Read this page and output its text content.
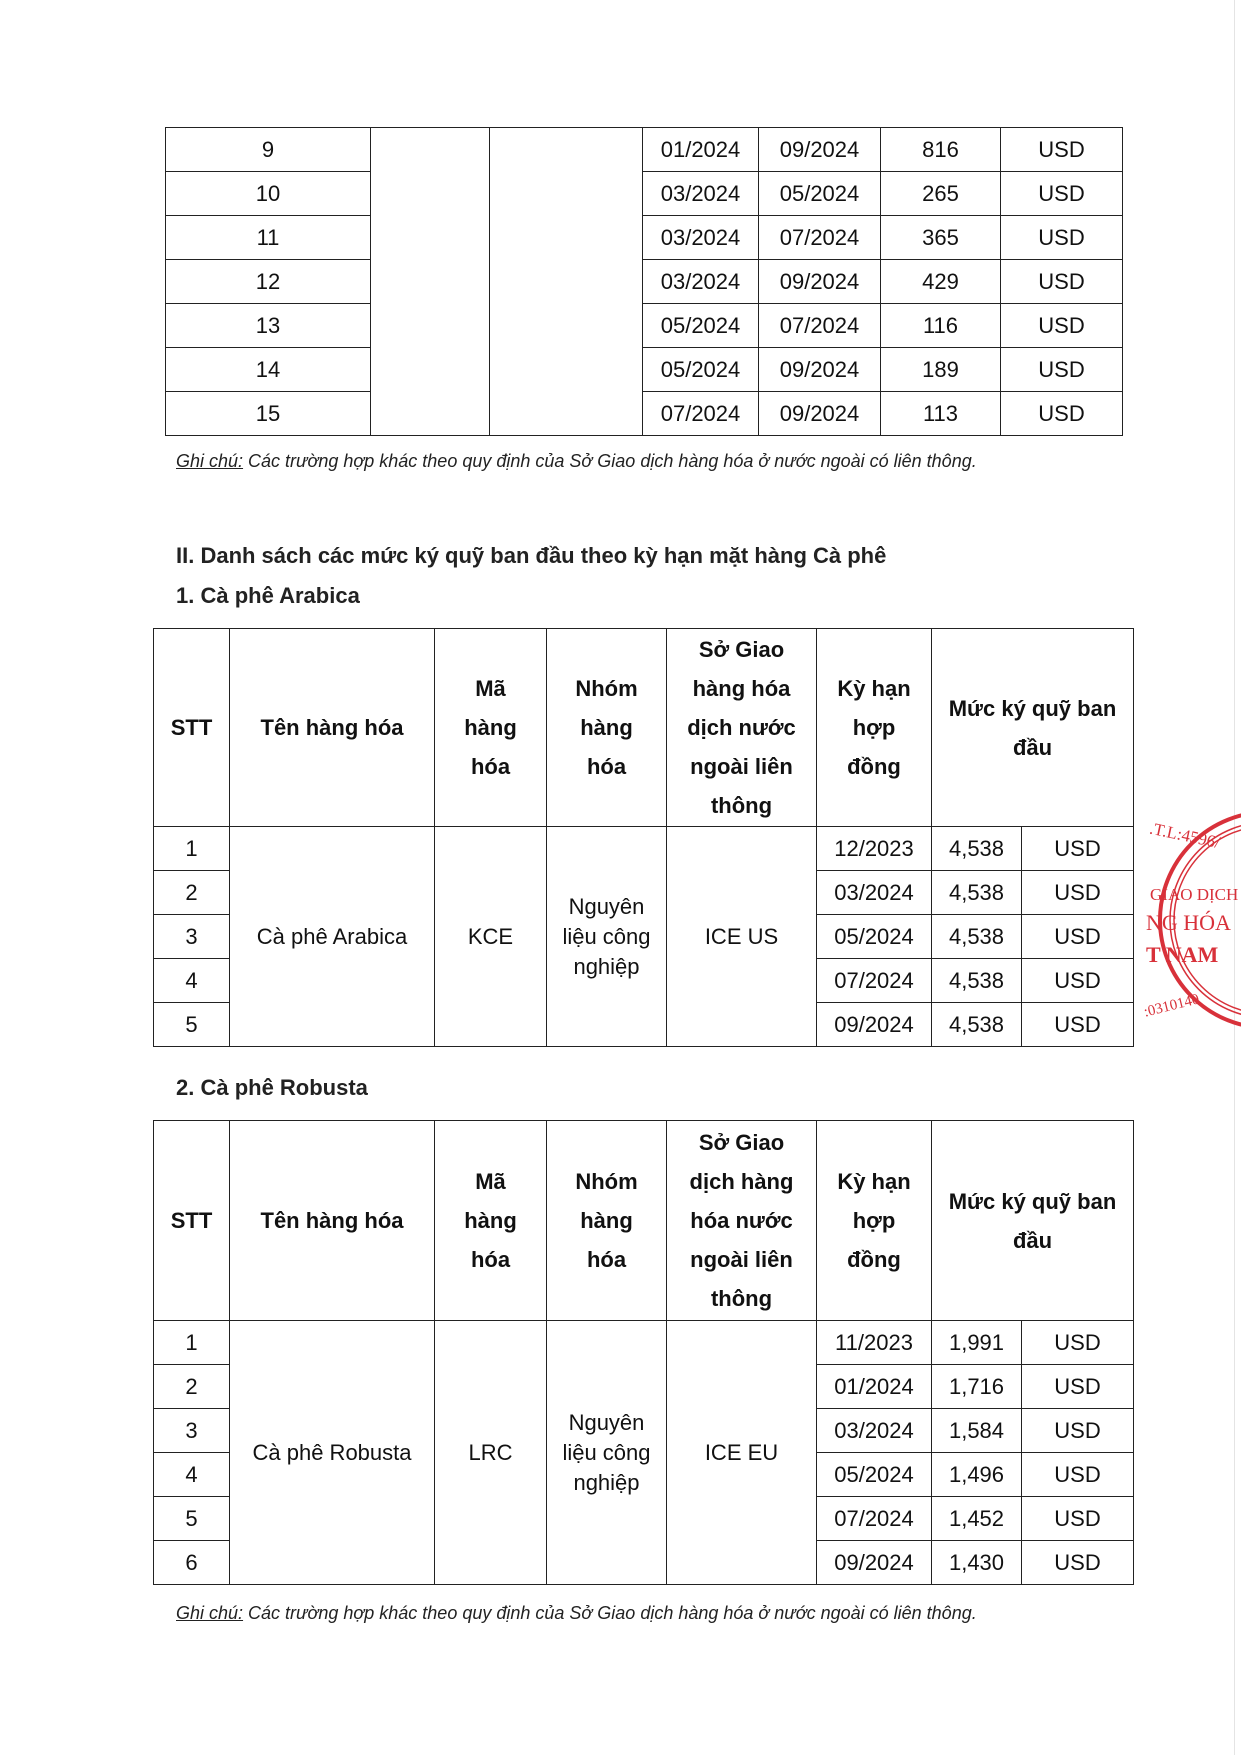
9			01/2024	09/2024	816	USD
10			03/2024	05/2024	265	USD
11			03/2024	07/2024	365	USD
12			03/2024	09/2024	429	USD
13			05/2024	07/2024	116	USD
14			05/2024	09/2024	189	USD
15			07/2024	09/2024	113	USD
Ghi chú: Các trường hợp khác theo quy định của Sở Giao dịch hàng hóa ở nước ngoài có liên thông.
II. Danh sách các mức ký quỹ ban đầu theo kỳ hạn mặt hàng Cà phê
1. Cà phê Arabica
STT	Tên hàng hóa	Mã hàng hóa	Nhóm hàng hóa	Sở Giao hàng hóa dịch nước ngoài liên thông	Kỳ hạn hợp đồng	Mức ký quỹ ban đầu	
1	Cà phê Arabica	KCE	Nguyên liệu công nghiệp	ICE US	12/2023	4,538	USD
2					03/2024	4,538	USD
3					05/2024	4,538	USD
4					07/2024	4,538	USD
5					09/2024	4,538	USD
2. Cà phê Robusta
STT	Tên hàng hóa	Mã hàng hóa	Nhóm hàng hóa	Sở Giao dịch hàng hóa nước ngoài liên thông	Kỳ hạn hợp đồng	Mức ký quỹ ban đầu	
1	Cà phê Robusta	LRC	Nguyên liệu công nghiệp	ICE EU	11/2023	1,991	USD
2					01/2024	1,716	USD
3					03/2024	1,584	USD
4					05/2024	1,496	USD
5					07/2024	1,452	USD
6					09/2024	1,430	USD
Ghi chú: Các trường hợp khác theo quy định của Sở Giao dịch hàng hóa ở nước ngoài có liên thông.
.T.L:4596/
GIAO DỊCH
NG HÓA
T NAM
:0310140
